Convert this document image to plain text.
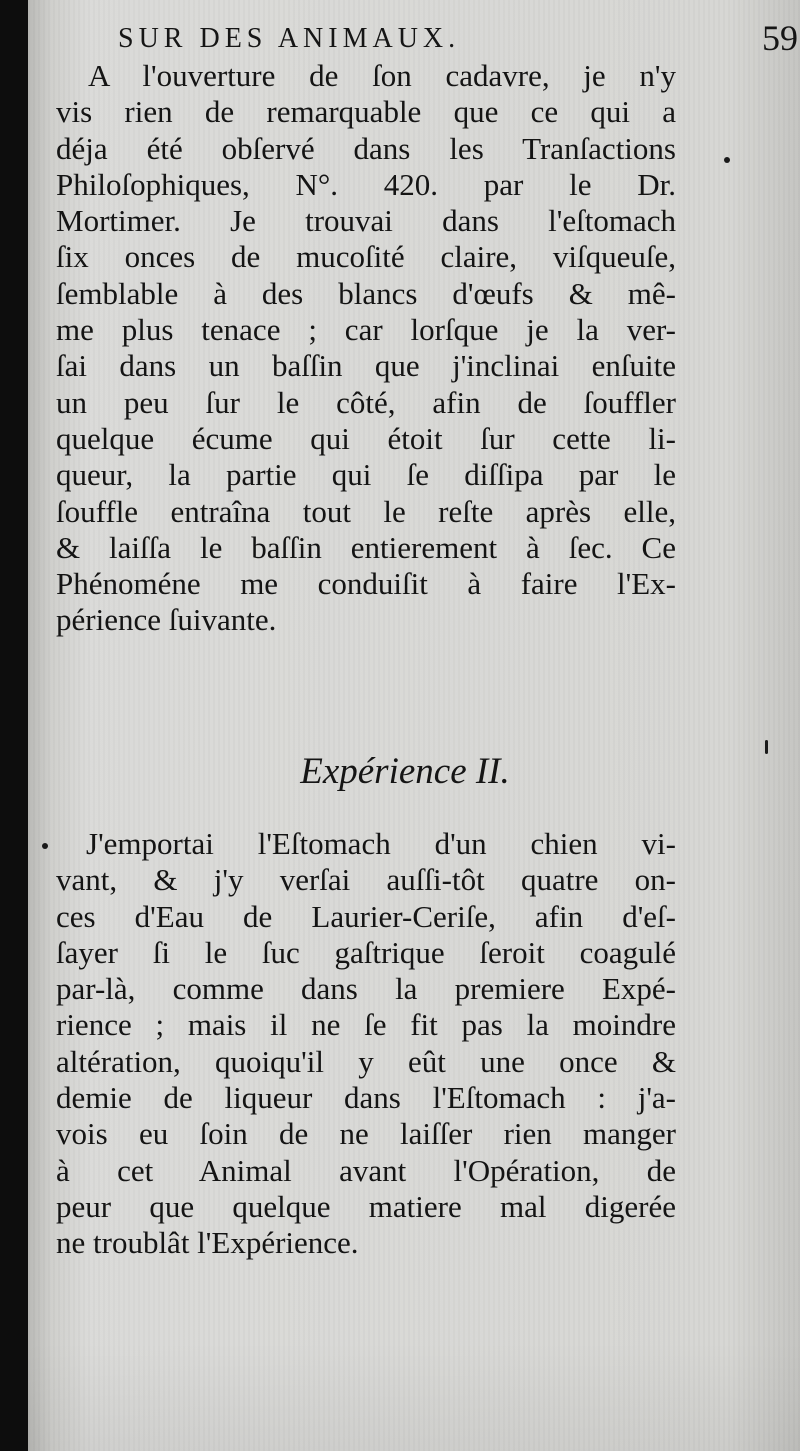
SUR DES ANIMAUX.	59
A l'ouverture de ſon cadavre, je n'y
vis rien de remarquable que ce qui a
déja été obſervé dans les Tranſactions
Philoſophiques, N°. 420. par le Dr.
Mortimer. Je trouvai dans l'eſtomach
ſix onces de mucoſité claire, viſqueuſe,
ſemblable à des blancs d'œufs & mê-
me plus tenace ; car lorſque je la ver-
ſai dans un baſſin que j'inclinai enſuite
un peu ſur le côté, afin de ſouffler
quelque écume qui étoit ſur cette li-
queur, la partie qui ſe diſſipa par le
ſouffle entraîna tout le reſte après elle,
& laiſſa le baſſin entierement à ſec. Ce
Phénoméne me conduiſit à faire l'Ex-
périence ſuivante.
Expérience II.
J'emportai l'Eſtomach d'un chien vi-
vant, & j'y verſai auſſi-tôt quatre on-
ces d'Eau de Laurier-Ceriſe, afin d'eſ-
ſayer ſi le ſuc gaſtrique ſeroit coagulé
par-là, comme dans la premiere Expé-
rience ; mais il ne ſe fit pas la moindre
altération, quoiqu'il y eût une once &
demie de liqueur dans l'Eſtomach : j'a-
vois eu ſoin de ne laiſſer rien manger
à cet Animal avant l'Opération, de
peur que quelque matiere mal digerée
ne troublât l'Expérience.
